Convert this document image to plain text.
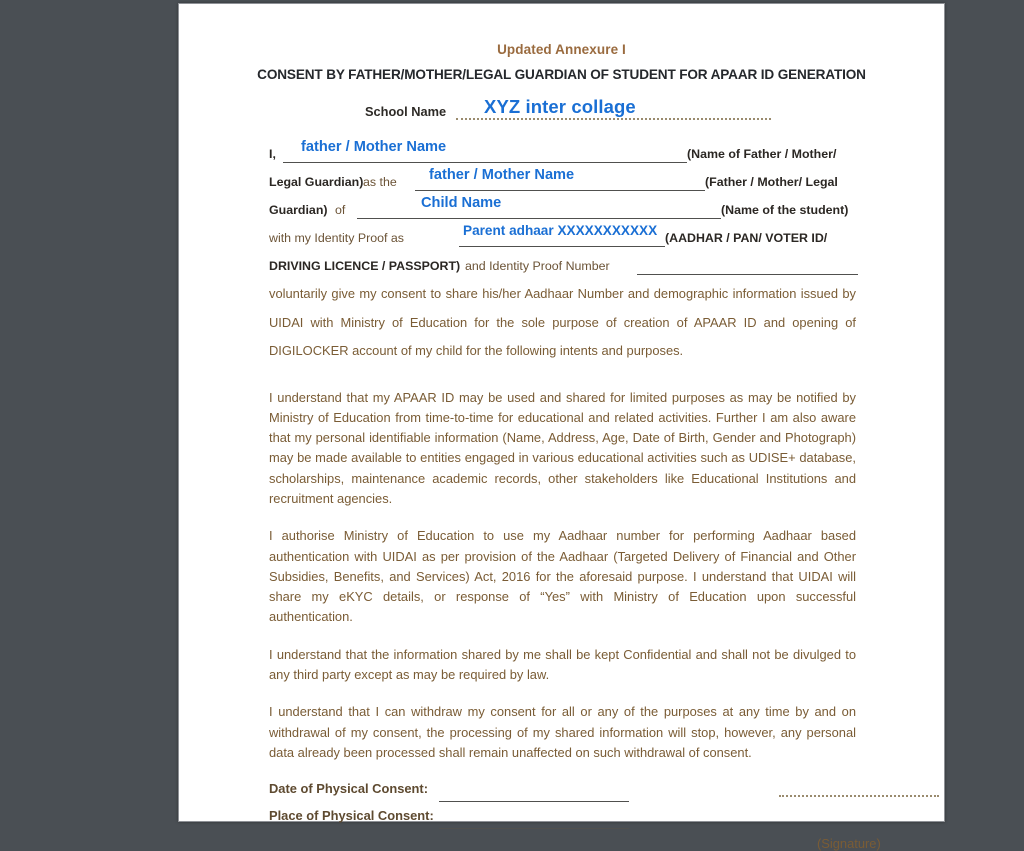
Updated Annexure I
CONSENT BY FATHER/MOTHER/LEGAL GUARDIAN OF STUDENT FOR APAAR ID GENERATION
School Name XYZ inter collage
I, father / Mother Name	(Name of Father / Mother/
Legal Guardian) as the father / Mother Name	(Father / Mother/ Legal
Guardian) of	Child Name	(Name of the student)
with my Identity Proof as	Parent adhaar XXXXXXXXXXX (AADHAR / PAN/ VOTER ID/
DRIVING LICENCE / PASSPORT) and Identity Proof Number

voluntarily give my consent to share his/her Aadhaar Number and demographic information issued by UIDAI with Ministry of Education for the sole purpose of creation of APAAR ID and opening of DIGILOCKER account of my child for the following intents and purposes.

I understand that my APAAR ID may be used and shared for limited purposes as may be notified by Ministry of Education from time-to-time for educational and related activities. Further I am also aware that my personal identifiable information (Name, Address, Age, Date of Birth, Gender and Photograph) may be made available to entities engaged in various educational activities such as UDISE+ database, scholarships, maintenance academic records, other stakeholders like Educational Institutions and recruitment agencies.

I authorise Ministry of Education to use my Aadhaar number for performing Aadhaar based authentication with UIDAI as per provision of the Aadhaar (Targeted Delivery of Financial and Other Subsidies, Benefits, and Services) Act, 2016 for the aforesaid purpose. I understand that UIDAI will share my eKYC details, or response of “Yes” with Ministry of Education upon successful authentication.

I understand that the information shared by me shall be kept Confidential and shall not be divulged to any third party except as may be required by law.

I understand that I can withdraw my consent for all or any of the purposes at any time by and on withdrawal of my consent, the processing of my shared information will stop, however, any personal data already been processed shall remain unaffected on such withdrawal of consent.

Date of Physical Consent:
Place of Physical Consent:
(Signature)
